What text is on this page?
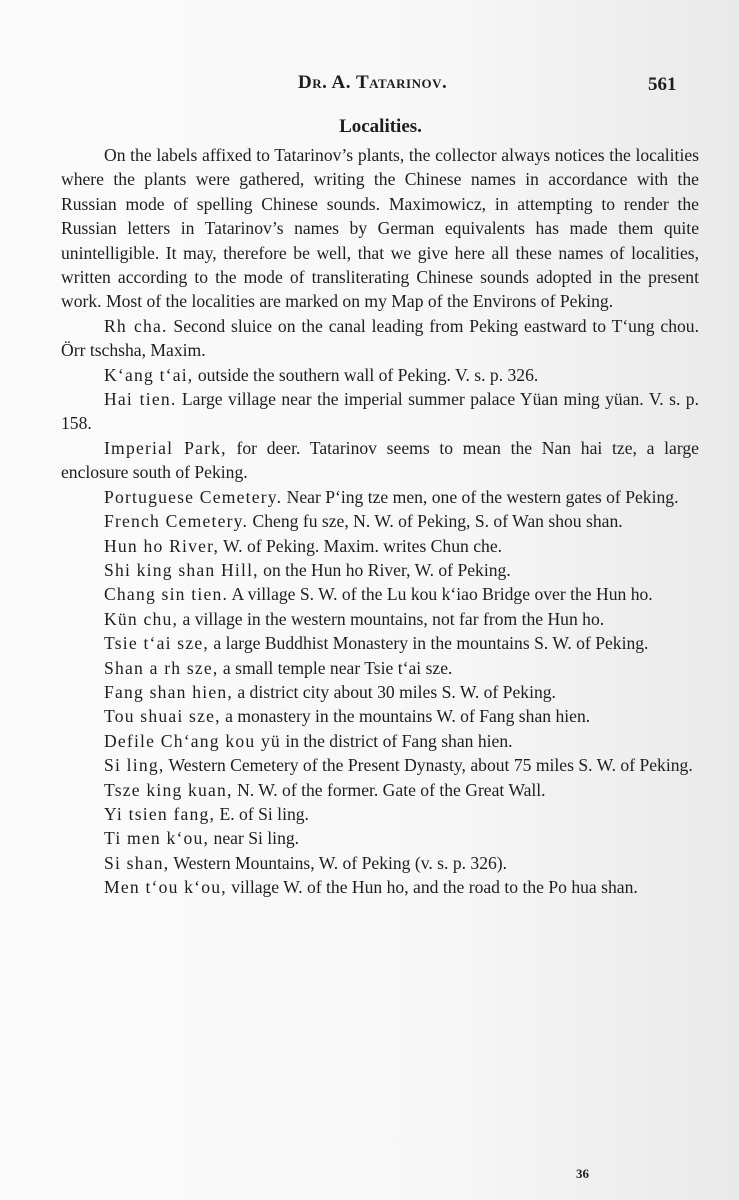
Dr. A. Tatarinov.	561
Localities.

On the labels affixed to Tatarinov’s plants, the collector always notices the localities where the plants were gathered, writing the Chinese names in accordance with the Russian mode of spelling Chinese sounds. Maximowicz, in attempting to render the Russian letters in Tatarinov’s names by German equivalents has made them quite unintelligible. It may, therefore be well, that we give here all these names of localities, written according to the mode of transliterating Chinese sounds adopted in the present work. Most of the localities are marked on my Map of the Environs of Peking.

Rh cha. Second sluice on the canal leading from Peking eastward to T‘ung chou. Örr tschsha, Maxim.

K‘ang t‘ai, outside the southern wall of Peking. V. s. p. 326.

Hai tien. Large village near the imperial summer palace Yüan ming yüan. V. s. p. 158.

Imperial Park, for deer. Tatarinov seems to mean the Nan hai tze, a large enclosure south of Peking.

Portuguese Cemetery. Near P‘ing tze men, one of the western gates of Peking.

French Cemetery. Cheng fu sze, N. W. of Peking, S. of Wan shou shan.

Hun ho River, W. of Peking. Maxim. writes Chun che.

Shi king shan Hill, on the Hun ho River, W. of Peking.

Chang sin tien. A village S. W. of the Lu kou k‘iao Bridge over the Hun ho.

Kün chu, a village in the western mountains, not far from the Hun ho.

Tsie t‘ai sze, a large Buddhist Monastery in the mountains S. W. of Peking.

Shan a rh sze, a small temple near Tsie t‘ai sze.

Fang shan hien, a district city about 30 miles S. W. of Peking.

Tou shuai sze, a monastery in the mountains W. of Fang shan hien.

Defile Ch‘ang kou yü in the district of Fang shan hien.

Si ling, Western Cemetery of the Present Dynasty, about 75 miles S. W. of Peking.

Tsze king kuan, N. W. of the former. Gate of the Great Wall.

Yi tsien fang, E. of Si ling.

Ti men k‘ou, near Si ling.

Si shan, Western Mountains, W. of Peking (v. s. p. 326).

Men t‘ou k‘ou, village W. of the Hun ho, and the road to the Po hua shan.

36
